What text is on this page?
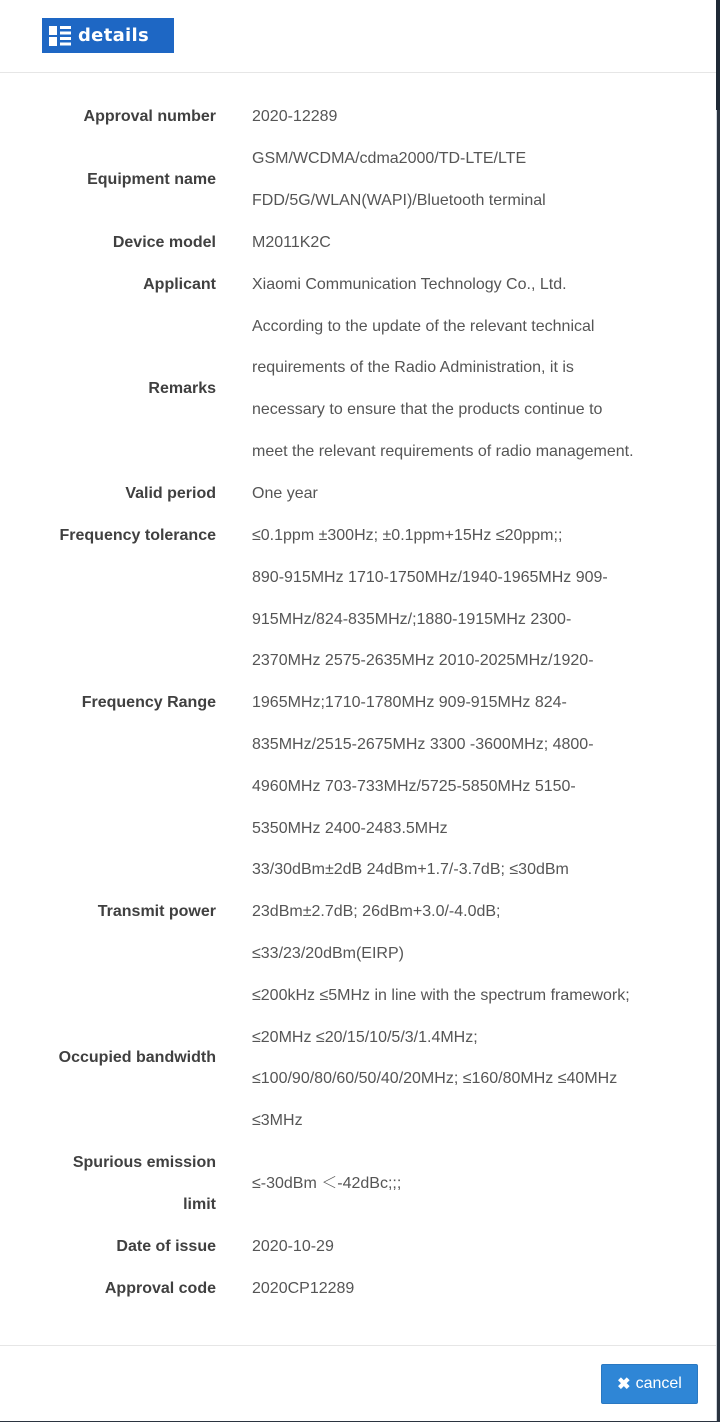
details
Approval number 2020-12289
Equipment name
GSM/WCDMA/cdma2000/TD-LTE/LTE
FDD/5G/WLAN(WAPI)/Bluetooth terminal
Device model M2011K2C
Applicant Xiaomi Communication Technology Co., Ltd.
Remarks
According to the update of the relevant technical
requirements of the Radio Administration, it is
necessary to ensure that the products continue to
meet the relevant requirements of radio management.
Valid period One year
Frequency tolerance ≤0.1ppm ±300Hz; ±0.1ppm+15Hz ≤20ppm;;
Frequency Range
890-915MHz 1710-1750MHz/1940-1965MHz 909-
915MHz/824-835MHz/;1880-1915MHz 2300-
2370MHz 2575-2635MHz 2010-2025MHz/1920-
1965MHz;1710-1780MHz 909-915MHz 824-
835MHz/2515-2675MHz 3300 -3600MHz; 4800-
4960MHz 703-733MHz/5725-5850MHz 5150-
5350MHz 2400-2483.5MHz
Transmit power
33/30dBm±2dB 24dBm+1.7/-3.7dB; ≤30dBm
23dBm±2.7dB; 26dBm+3.0/-4.0dB;
≤33/23/20dBm(EIRP)
Occupied bandwidth
≤200kHz ≤5MHz in line with the spectrum framework;
≤20MHz ≤20/15/10/5/3/1.4MHz;
≤100/90/80/60/50/40/20MHz; ≤160/80MHz ≤40MHz
≤3MHz
Spurious emission
limit
≤-30dBm ＜-42dBc;;;
Date of issue 2020-10-29
Approval code 2020CP12289
✖ cancel
